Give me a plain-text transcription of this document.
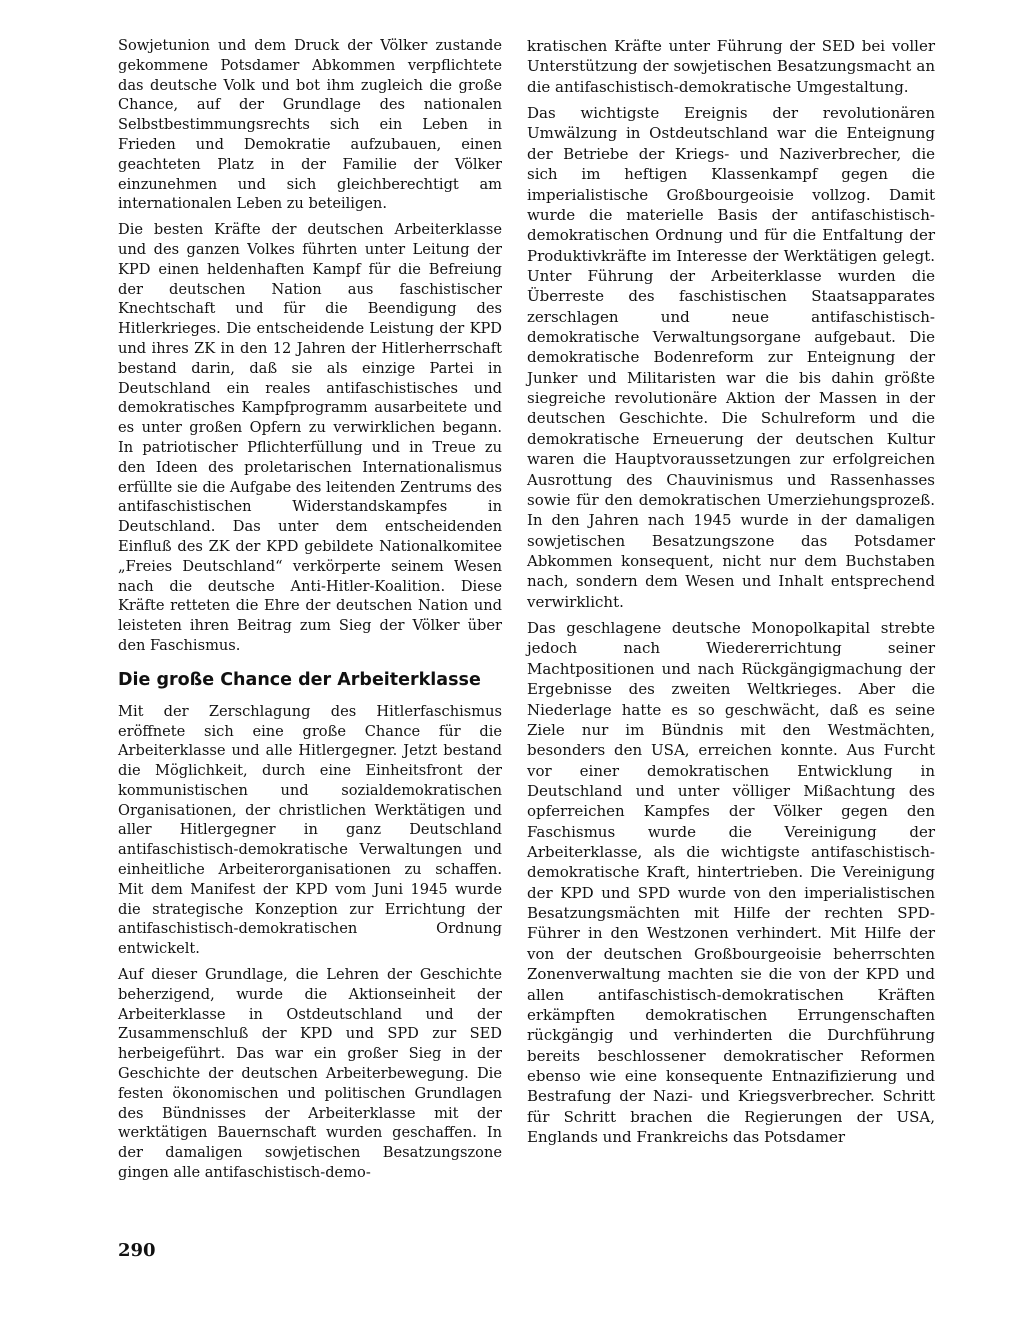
Sowjetunion und dem Druck der Völker zustande gekommene Potsdamer Abkommen verpflichtete das deutsche Volk und bot ihm zugleich die große Chance, auf der Grundlage des nationalen Selbstbestimmungsrechts sich ein Leben in Frieden und Demokratie aufzubauen, einen geachteten Platz in der Familie der Völker einzunehmen und sich gleichberechtigt am internationalen Leben zu beteiligen.

Die besten Kräfte der deutschen Arbeiterklasse und des ganzen Volkes führten unter Leitung der KPD einen heldenhaften Kampf für die Befreiung der deutschen Nation aus faschistischer Knechtschaft und für die Beendigung des Hitlerkrieges. Die entscheidende Leistung der KPD und ihres ZK in den 12 Jahren der Hitlerherrschaft bestand darin, daß sie als einzige Partei in Deutschland ein reales antifaschistisches und demokratisches Kampfprogramm ausarbeitete und es unter großen Opfern zu verwirklichen begann. In patriotischer Pflichterfüllung und in Treue zu den Ideen des proletarischen Internationalismus erfüllte sie die Aufgabe des leitenden Zentrums des antifaschistischen Widerstandskampfes in Deutschland. Das unter dem entscheidenden Einfluß des ZK der KPD gebildete Nationalkomitee „Freies Deutschland“ verkörperte seinem Wesen nach die deutsche Anti-Hitler-Koalition. Diese Kräfte retteten die Ehre der deutschen Nation und leisteten ihren Beitrag zum Sieg der Völker über den Faschismus.

Die große Chance der Arbeiterklasse

Mit der Zerschlagung des Hitlerfaschismus eröffnete sich eine große Chance für die Arbeiterklasse und alle Hitlergegner. Jetzt bestand die Möglichkeit, durch eine Einheitsfront der kommunistischen und sozialdemokratischen Organisationen, der christlichen Werktätigen und aller Hitlergegner in ganz Deutschland antifaschistisch-demokratische Verwaltungen und einheitliche Arbeiterorganisationen zu schaffen. Mit dem Manifest der KPD vom Juni 1945 wurde die strategische Konzeption zur Errichtung der antifaschistisch-demokratischen Ordnung entwickelt.

Auf dieser Grundlage, die Lehren der Geschichte beherzigend, wurde die Aktionseinheit der Arbeiterklasse in Ostdeutschland und der Zusammenschluß der KPD und SPD zur SED herbeigeführt. Das war ein großer Sieg in der Geschichte der deutschen Arbeiterbewegung. Die festen ökonomischen und politischen Grundlagen des Bündnisses der Arbeiterklasse mit der werktätigen Bauernschaft wurden geschaffen. In der damaligen sowjetischen Besatzungszone gingen alle antifaschistisch-demo-

kratischen Kräfte unter Führung der SED bei voller Unterstützung der sowjetischen Besatzungsmacht an die antifaschistisch-demokratische Umgestaltung.

Das wichtigste Ereignis der revolutionären Umwälzung in Ostdeutschland war die Enteignung der Betriebe der Kriegs- und Naziverbrecher, die sich im heftigen Klassenkampf gegen die imperialistische Großbourgeoisie vollzog. Damit wurde die materielle Basis der antifaschistisch-demokratischen Ordnung und für die Entfaltung der Produktivkräfte im Interesse der Werktätigen gelegt. Unter Führung der Arbeiterklasse wurden die Überreste des faschistischen Staatsapparates zerschlagen und neue antifaschistisch-demokratische Verwaltungsorgane aufgebaut. Die demokratische Bodenreform zur Enteignung der Junker und Militaristen war die bis dahin größte siegreiche revolutionäre Aktion der Massen in der deutschen Geschichte. Die Schulreform und die demokratische Erneuerung der deutschen Kultur waren die Hauptvoraussetzungen zur erfolgreichen Ausrottung des Chauvinismus und Rassenhasses sowie für den demokratischen Umerziehungsprozeß. In den Jahren nach 1945 wurde in der damaligen sowjetischen Besatzungszone das Potsdamer Abkommen konsequent, nicht nur dem Buchstaben nach, sondern dem Wesen und Inhalt entsprechend verwirklicht.

Das geschlagene deutsche Monopolkapital strebte jedoch nach Wiedererrichtung seiner Machtpositionen und nach Rückgängigmachung der Ergebnisse des zweiten Weltkrieges. Aber die Niederlage hatte es so geschwächt, daß es seine Ziele nur im Bündnis mit den Westmächten, besonders den USA, erreichen konnte. Aus Furcht vor einer demokratischen Entwicklung in Deutschland und unter völliger Mißachtung des opferreichen Kampfes der Völker gegen den Faschismus wurde die Vereinigung der Arbeiterklasse, als die wichtigste antifaschistisch-demokratische Kraft, hintertrieben. Die Vereinigung der KPD und SPD wurde von den imperialistischen Besatzungsmächten mit Hilfe der rechten SPD-Führer in den Westzonen verhindert. Mit Hilfe der von der deutschen Großbourgeoisie beherrschten Zonenverwaltung machten sie die von der KPD und allen antifaschistisch-demokratischen Kräften erkämpften demokratischen Errungenschaften rückgängig und verhinderten die Durchführung bereits beschlossener demokratischer Reformen ebenso wie eine konsequente Entnazifizierung und Bestrafung der Nazi- und Kriegsverbrecher. Schritt für Schritt brachen die Regierungen der USA, Englands und Frankreichs das Potsdamer

290
